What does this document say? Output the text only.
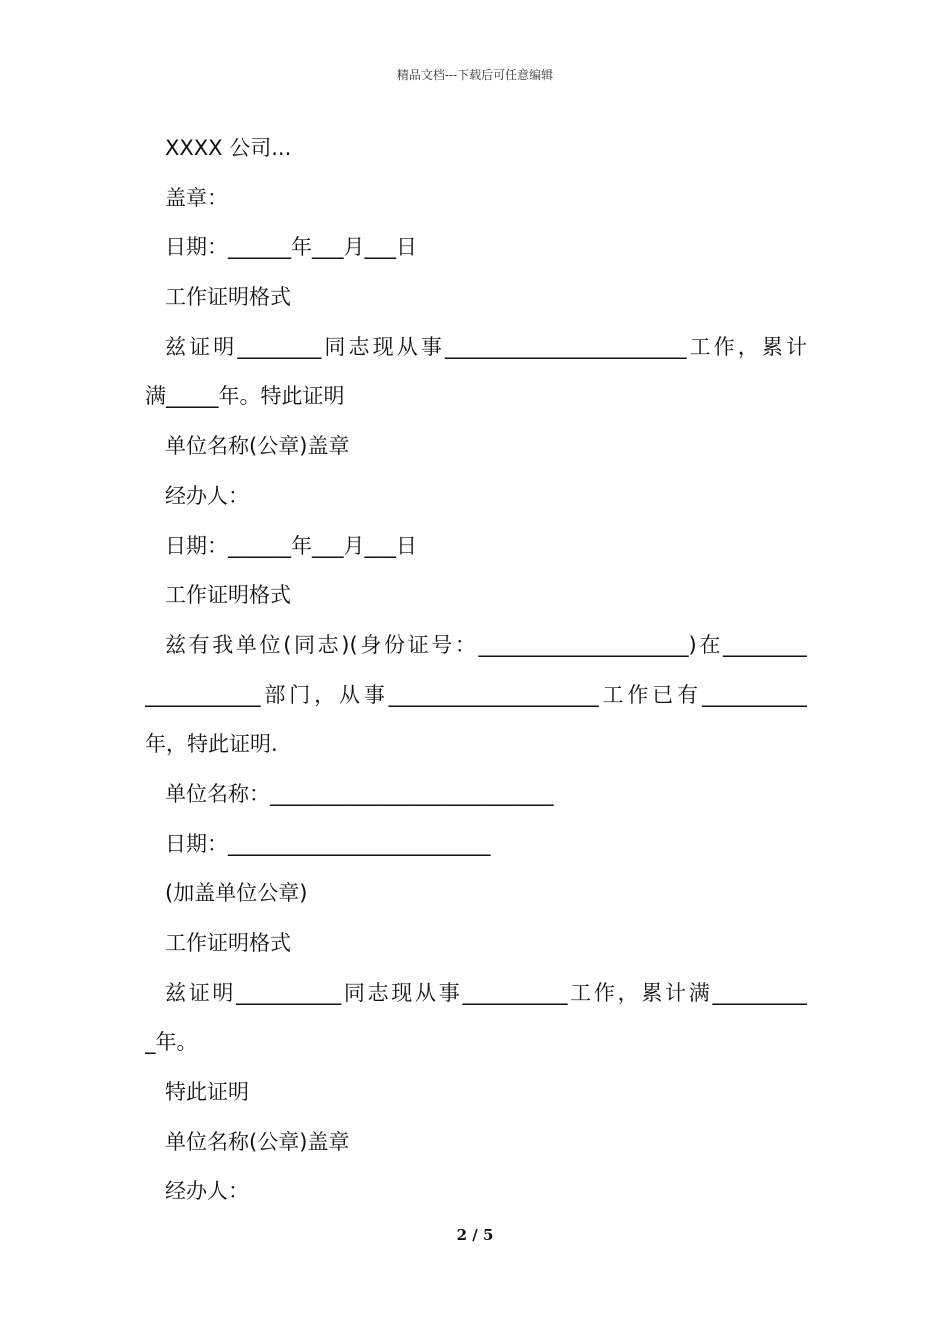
精品文档---下载后可任意编辑
XXXX 公司...
盖章：
日期：______年___月___日
工作证明格式
兹证明________同志现从事_______________________工作，累计
满_____年。特此证明
单位名称(公章)盖章
经办人：
日期：______年___月___日
工作证明格式
兹有我单位(同志)(身份证号：____________________)在________
___________部门，从事____________________工作已有__________
年，特此证明.
单位名称：___________________________
日期：_________________________
(加盖单位公章)
工作证明格式
兹证明__________同志现从事__________工作，累计满_________
_年。
特此证明
单位名称(公章)盖章
经办人：
2 / 5
